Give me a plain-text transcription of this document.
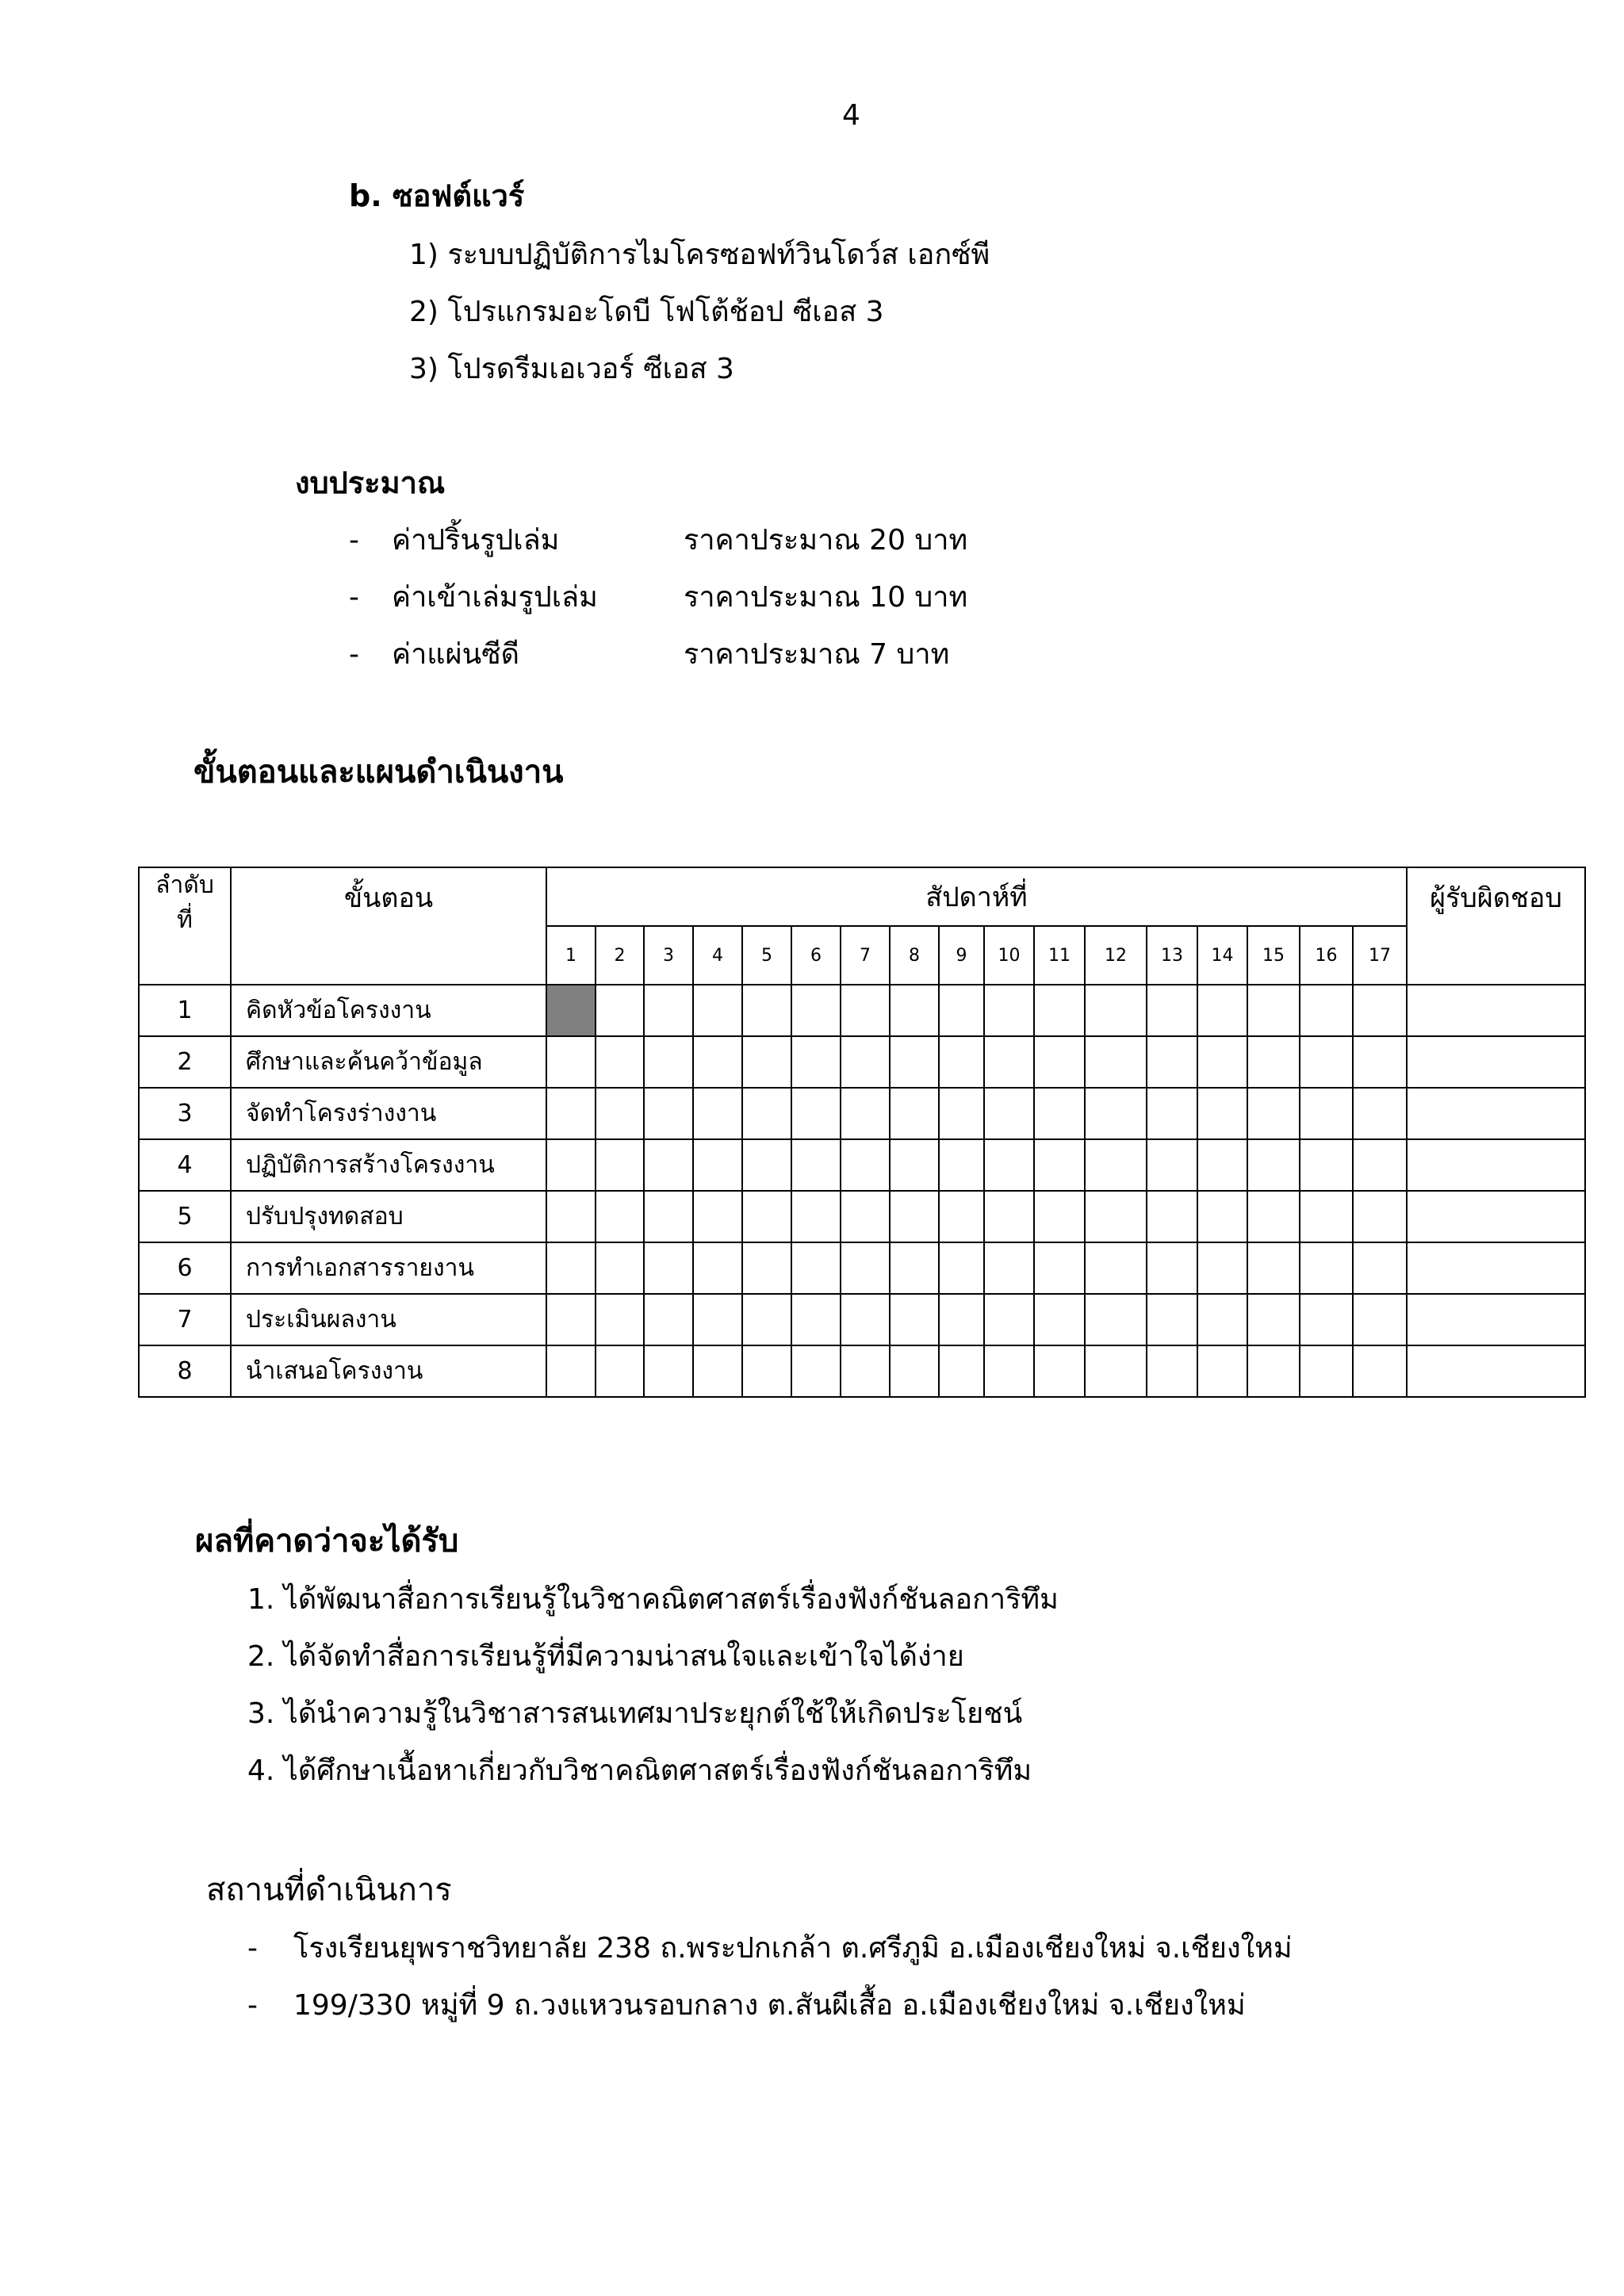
4
b. ซอฟต์แวร์
1) ระบบปฏิบัติการไมโครซอฟท์วินโดว์ส เอกซ์พี
2) โปรแกรมอะโดบี โฟโต้ช้อป ซีเอส 3
3) โปรดรีมเอเวอร์ ซีเอส 3
งบประมาณ
- ค่าปริ้นรูปเล่ม	ราคาประมาณ 20 บาท
- ค่าเข้าเล่มรูปเล่ม	ราคาประมาณ 10 บาท
- ค่าแผ่นซีดี	ราคาประมาณ 7 บาท
ขั้นตอนและแผนดำเนินงาน
ลำดับ
ที่	ขั้นตอน	สัปดาห์ที่																	ผู้รับผิดชอบ
		1	2	3	4	5	6	7	8	9	10	11	12	13	14	15	16	17	
1	คิดหัวข้อโครงงาน																		
2	ศึกษาและค้นคว้าข้อมูล																		
3	จัดทำโครงร่างงาน																		
4	ปฏิบัติการสร้างโครงงาน																		
5	ปรับปรุงทดสอบ																		
6	การทำเอกสารรายงาน																		
7	ประเมินผลงาน																		
8	นำเสนอโครงงาน																		
ผลที่คาดว่าจะได้รับ
1. ได้พัฒนาสื่อการเรียนรู้ในวิชาคณิตศาสตร์เรื่องฟังก์ชันลอการิทึม
2. ได้จัดทำสื่อการเรียนรู้ที่มีความน่าสนใจและเข้าใจได้ง่าย
3. ได้นำความรู้ในวิชาสารสนเทศมาประยุกต์ใช้ให้เกิดประโยชน์
4. ได้ศึกษาเนื้อหาเกี่ยวกับวิชาคณิตศาสตร์เรื่องฟังก์ชันลอการิทึม
สถานที่ดำเนินการ
- โรงเรียนยุพราชวิทยาลัย 238 ถ.พระปกเกล้า ต.ศรีภูมิ อ.เมืองเชียงใหม่ จ.เชียงใหม่
- 199/330 หมู่ที่ 9 ถ.วงแหวนรอบกลาง ต.สันผีเสื้อ อ.เมืองเชียงใหม่ จ.เชียงใหม่
